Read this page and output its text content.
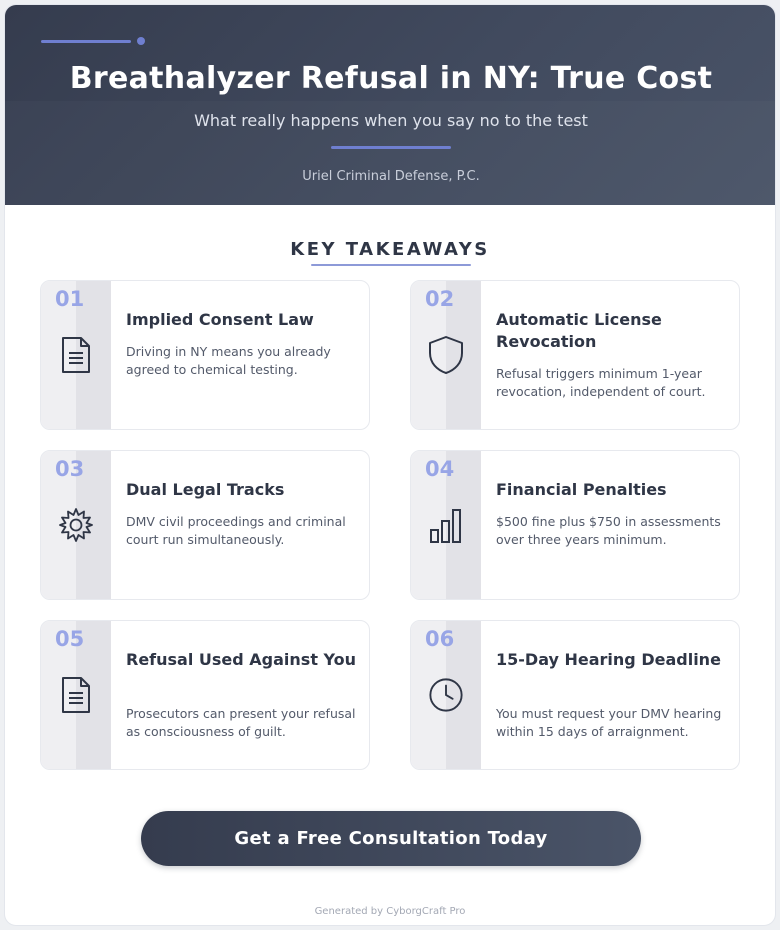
Breathalyzer Refusal in NY: True Cost
What really happens when you say no to the test
Uriel Criminal Defense, P.C.
KEY TAKEAWAYS
01
Implied Consent Law
Driving in NY means you already agreed to chemical testing.
02
Automatic License Revocation
Refusal triggers minimum 1-year revocation, independent of court.
03
Dual Legal Tracks
DMV civil proceedings and criminal court run simultaneously.
04
Financial Penalties
$500 fine plus $750 in assessments over three years minimum.
05
Refusal Used Against You
Prosecutors can present your refusal as consciousness of guilt.
06
15-Day Hearing Deadline
You must request your DMV hearing within 15 days of arraignment.
Get a Free Consultation Today
Generated by CyborgCraft Pro
